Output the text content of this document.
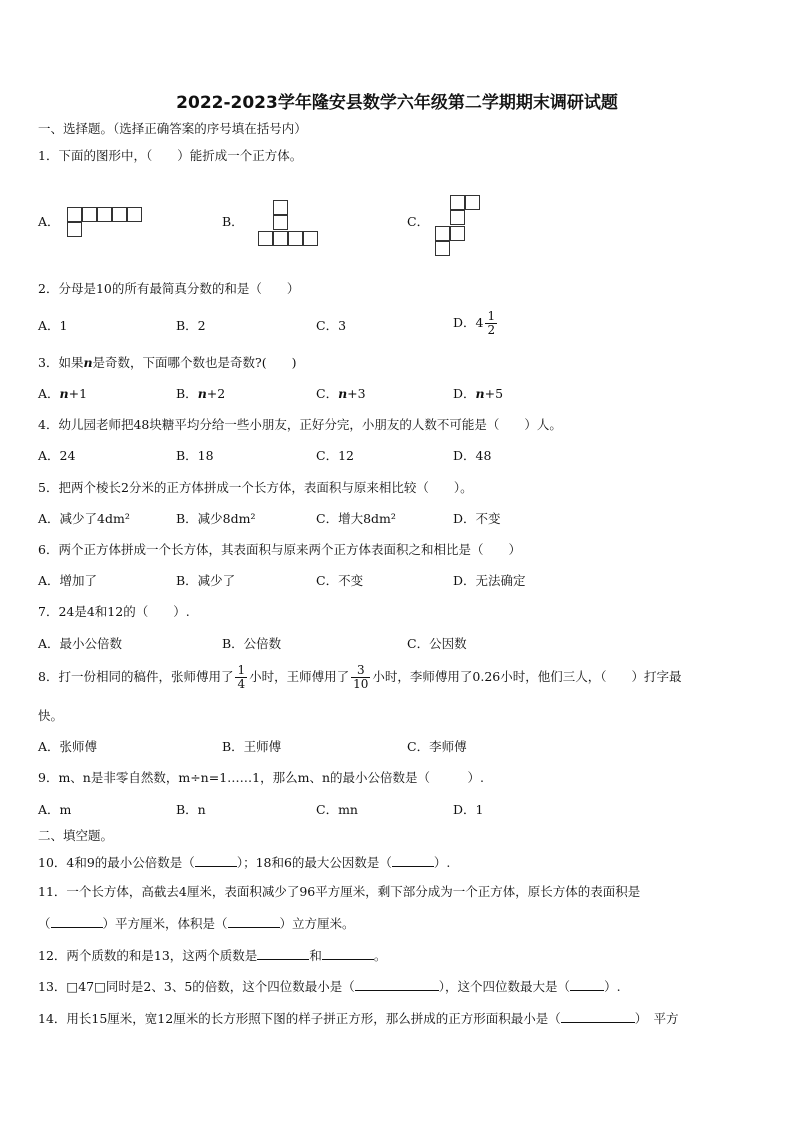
2022-2023学年隆安县数学六年级第二学期期末调研试题
一、选择题。（选择正确答案的序号填在括号内）
1．下面的图形中，（　　）能折成一个正方体。
A．	B．	C．
2．分母是10的所有最简真分数的和是（　　）
A．1	B．2	C．3	D．$4 \frac{1}{2}$
3．如果n是奇数，下面哪个数也是奇数?(　　)
A．n+1	B．n+2	C．n+3	D．n+5
4．幼儿园老师把48块糖平均分给一些小朋友，正好分完，小朋友的人数不可能是（　　）人。
A．24	B．18	C．12	D．48
5．把两个棱长2分米的正方体拼成一个长方体，表面积与原来相比较（　　）。
A．减少了4dm²	B．减少8dm²	C．增大8dm²	D．不变
6．两个正方体拼成一个长方体，其表面积与原来两个正方体表面积之和相比是（　　）
A．增加了	B．减少了	C．不变	D．无法确定
7．24是4和12的（　　）.
A．最小公倍数	B．公倍数	C．公因数
8．打一份相同的稿件，张师傅用了 $\frac{1}{4}$ 小时，王师傅用了 $\frac{3}{10}$ 小时，李师傅用了0.26小时，他们三人，（　　）打字最
快。
A．张师傅	B．王师傅	C．李师傅
9．m、n是非零自然数，m÷n=1……1，那么m、n的最小公倍数是（　　　）.
A．m	B．n	C．mn	D．1
二、填空题。
10．4和9的最小公倍数是（	）；18和6的最大公因数是（	）.
11．一个长方体，高截去4厘米，表面积减少了96平方厘米，剩下部分成为一个正方体，原长方体的表面积是
（	）平方厘米，体积是（	）立方厘米。
12．两个质数的和是13，这两个质数是	和	。
13．□47□同时是2、3、5的倍数，这个四位数最小是（	），这个四位数最大是（	）.
14．用长15厘米，宽12厘米的长方形照下图的样子拼正方形，那么拼成的正方形面积最小是（	）　平方
